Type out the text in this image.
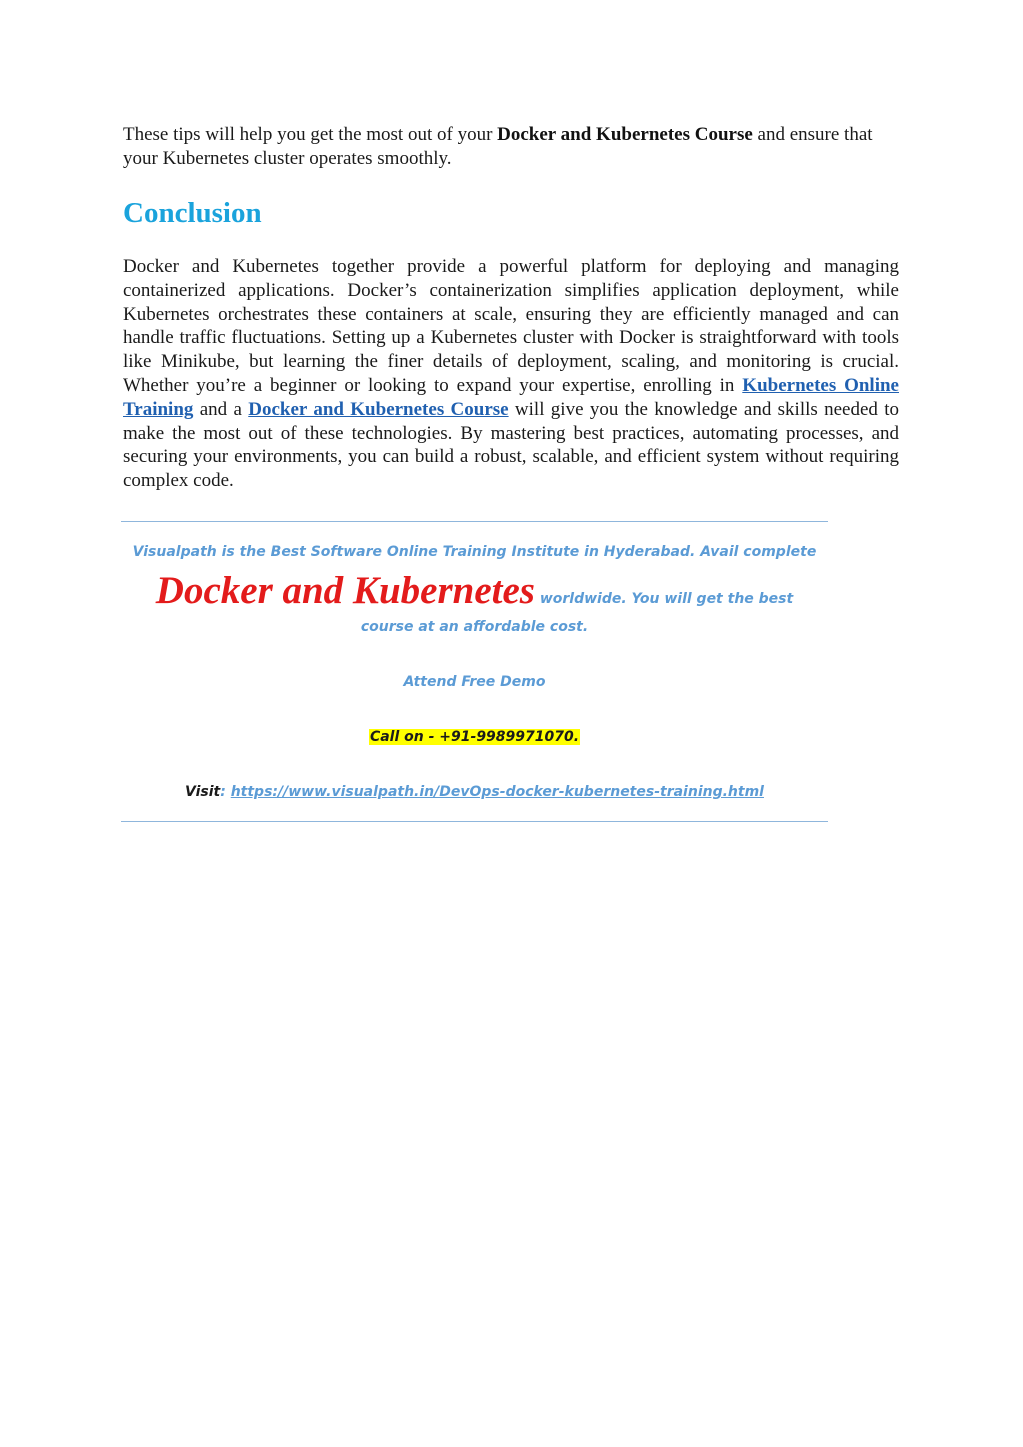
These tips will help you get the most out of your Docker and Kubernetes Course and ensure that your Kubernetes cluster operates smoothly.

Conclusion

Docker and Kubernetes together provide a powerful platform for deploying and managing containerized applications. Docker’s containerization simplifies application deployment, while Kubernetes orchestrates these containers at scale, ensuring they are efficiently managed and can handle traffic fluctuations. Setting up a Kubernetes cluster with Docker is straightforward with tools like Minikube, but learning the finer details of deployment, scaling, and monitoring is crucial. Whether you’re a beginner or looking to expand your expertise, enrolling in Kubernetes Online Training and a Docker and Kubernetes Course will give you the knowledge and skills needed to make the most out of these technologies. By mastering best practices, automating processes, and securing your environments, you can build a robust, scalable, and efficient system without requiring complex code.

Visualpath is the Best Software Online Training Institute in Hyderabad. Avail complete

Docker and Kubernetes worldwide. You will get the best

course at an affordable cost.

Attend Free Demo

Call on - +91-9989971070.

Visit: https://www.visualpath.in/DevOps-docker-kubernetes-training.html
